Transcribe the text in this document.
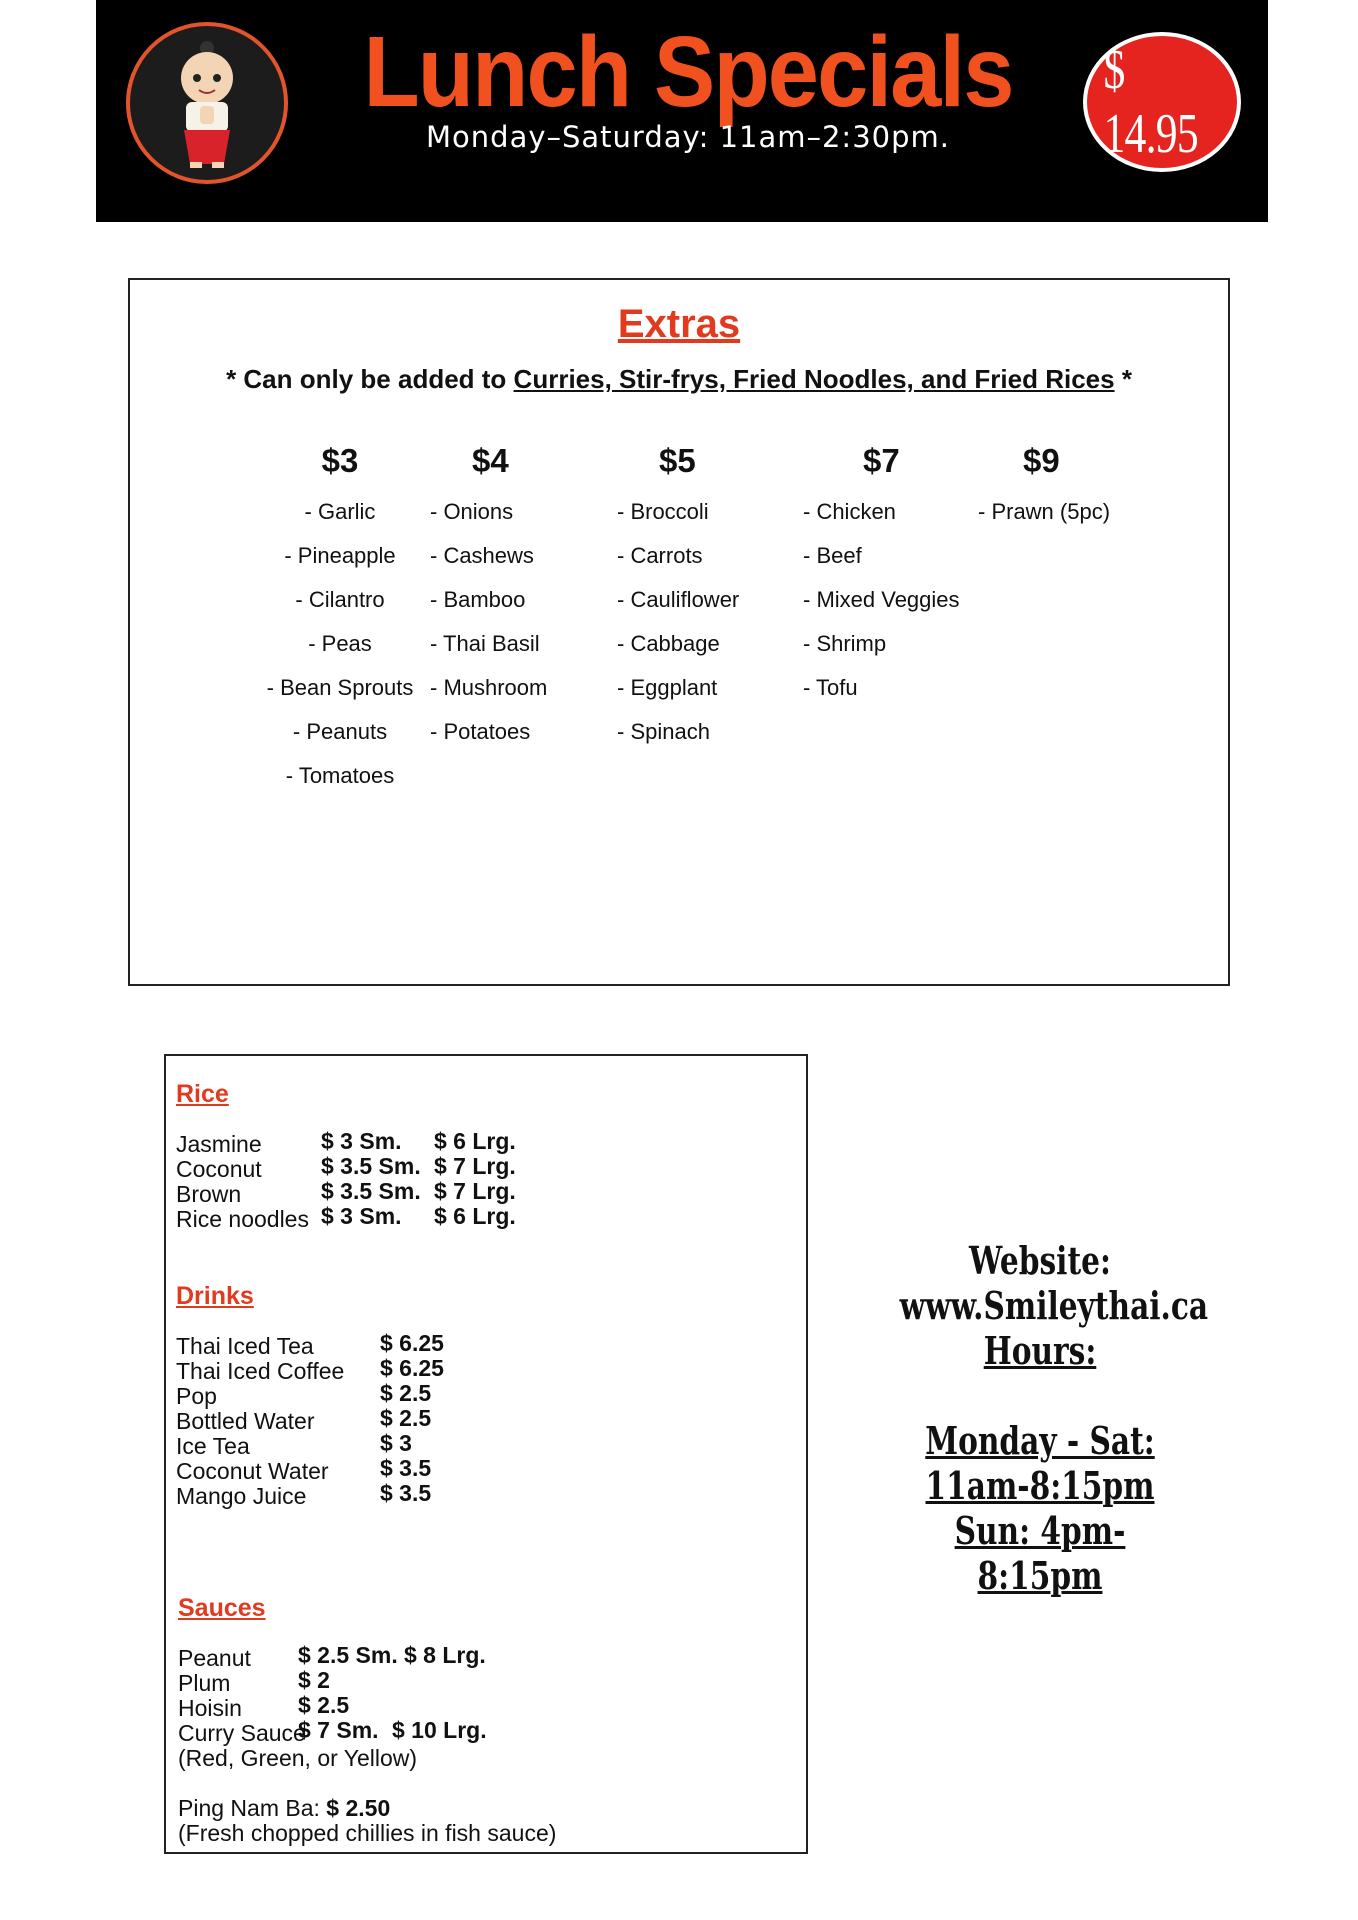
Lunch Specials
Monday–Saturday: 11am–2:30pm.
$ 14.95
Extras
* Can only be added to Curries, Stir-frys, Fried Noodles, and Fried Rices *
$3
- Garlic
- Pineapple
- Cilantro
- Peas
- Bean Sprouts
- Peanuts
- Tomatoes
$4
- Onions
- Cashews
- Bamboo
- Thai Basil
- Mushroom
- Potatoes
$5
- Broccoli
- Carrots
- Cauliflower
- Cabbage
- Eggplant
- Spinach
$7
- Chicken
- Beef
- Mixed Veggies
- Shrimp
- Tofu
$9
- Prawn (5pc)
Rice
Jasmine	$ 3 Sm. $ 6 Lrg.
Coconut	$ 3.5 Sm. $ 7 Lrg.
Brown	$ 3.5 Sm. $ 7 Lrg.
Rice noodles $ 3 Sm. $ 6 Lrg.
Drinks
Thai Iced Tea	$ 6.25
Thai Iced Coffee $ 6.25
Pop	$ 2.5
Bottled Water	$ 2.5
Ice Tea	$ 3
Coconut Water $ 3.5
Mango Juice	$ 3.5
Sauces
Peanut $ 2.5 Sm. $ 8 Lrg.
Plum	$ 2
Hoisin $ 2.5
Curry Sauce
$ 7 Sm. $ 10 Lrg.
(Red, Green, or Yellow)
Ping Nam Ba: $ 2.50
(Fresh chopped chillies in fish sauce)
Website: www.Smileythai.ca
Hours:
Monday - Sat: 11am-8:15pm
Sun: 4pm-8:15pm
